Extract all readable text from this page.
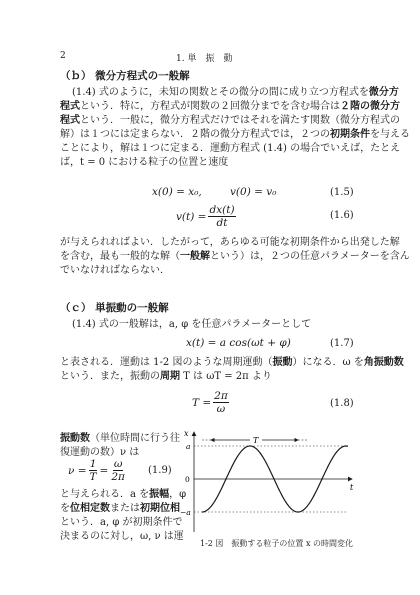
2	1. 単　振　動
（ｂ） 微分方程式の一般解
(1.4) 式のように，未知の関数とその微分の間に成り立つ方程式を微分方
程式という．特に，方程式が関数の２回微分までを含む場合は２階の微分方
程式という．一般に，微分方程式だけではそれを満たす関数（微分方程式の
解）は１つには定まらない．２階の微分方程式では，２つの初期条件を与える
ことにより，解は１つに定まる．運動方程式 (1.4) の場合でいえば，たとえ
ば，t = 0 における粒子の位置と速度
x(0) = x₀,	v(0) = v₀	(1.5)
$v(t) = \frac{dx(t)}{dt}$	(1.6)
が与えられればよい．したがって，あらゆる可能な初期条件から出発した解
を含む，最も一般的な解（一般解という）は，２つの任意パラメーターを含ん
でいなければならない．
（ｃ） 単振動の一般解
(1.4) 式の一般解は，a, φ を任意パラメーターとして
x(t) = a cos(ωt + φ)	(1.7)
と表される．運動は 1-2 図のような周期運動（振動）になる．ω を角振動数
という．また，振動の周期 T は ωT = 2π より
$T = \frac{2\pi}{\omega}$	(1.8)
振動数（単位時間に行う往
復運動の数）ν は
$\nu = \frac{1}{T} = \frac{\omega}{2\pi} (1.9)$
と与えられる．a を振幅，φ
を位相定数または初期位相
という．a, φ が初期条件で
決まるのに対し，ω, ν は運
x
t
a
0
−a
T
1-2 図　振動する粒子の位置 x の時間変化
